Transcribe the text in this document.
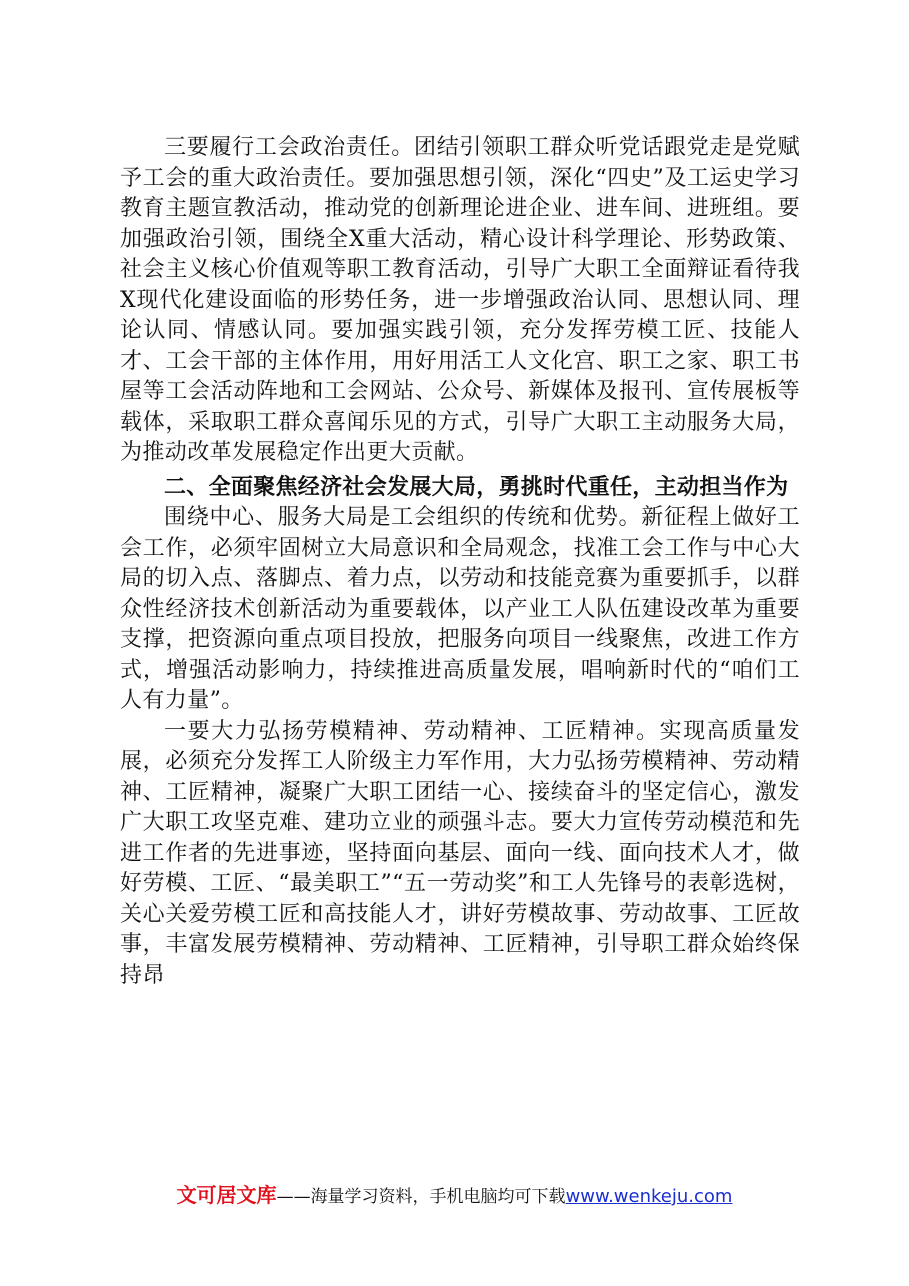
三要履行工会政治责任。团结引领职工群众听党话跟党走是党赋予工会的重大政治责任。要加强思想引领，深化“四史”及工运史学习教育主题宣教活动，推动党的创新理论进企业、进车间、进班组。要加强政治引领，围绕全X重大活动，精心设计科学理论、形势政策、社会主义核心价值观等职工教育活动，引导广大职工全面辩证看待我X现代化建设面临的形势任务，进一步增强政治认同、思想认同、理论认同、情感认同。要加强实践引领，充分发挥劳模工匠、技能人才、工会干部的主体作用，用好用活工人文化宫、职工之家、职工书屋等工会活动阵地和工会网站、公众号、新媒体及报刊、宣传展板等载体，采取职工群众喜闻乐见的方式，引导广大职工主动服务大局，为推动改革发展稳定作出更大贡献。

二、全面聚焦经济社会发展大局，勇挑时代重任，主动担当作为

围绕中心、服务大局是工会组织的传统和优势。新征程上做好工会工作，必须牢固树立大局意识和全局观念，找准工会工作与中心大局的切入点、落脚点、着力点，以劳动和技能竞赛为重要抓手，以群众性经济技术创新活动为重要载体，以产业工人队伍建设改革为重要支撑，把资源向重点项目投放，把服务向项目一线聚焦，改进工作方式，增强活动影响力，持续推进高质量发展，唱响新时代的“咱们工人有力量”。

一要大力弘扬劳模精神、劳动精神、工匠精神。实现高质量发展，必须充分发挥工人阶级主力军作用，大力弘扬劳模精神、劳动精神、工匠精神，凝聚广大职工团结一心、接续奋斗的坚定信心，激发广大职工攻坚克难、建功立业的顽强斗志。要大力宣传劳动模范和先进工作者的先进事迹，坚持面向基层、面向一线、面向技术人才，做好劳模、工匠、“最美职工”“五一劳动奖”和工人先锋号的表彰选树，关心关爱劳模工匠和高技能人才，讲好劳模故事、劳动故事、工匠故事，丰富发展劳模精神、劳动精神、工匠精神，引导职工群众始终保持昂

文可居文库——海量学习资料，手机电脑均可下载www.wenkeju.com
